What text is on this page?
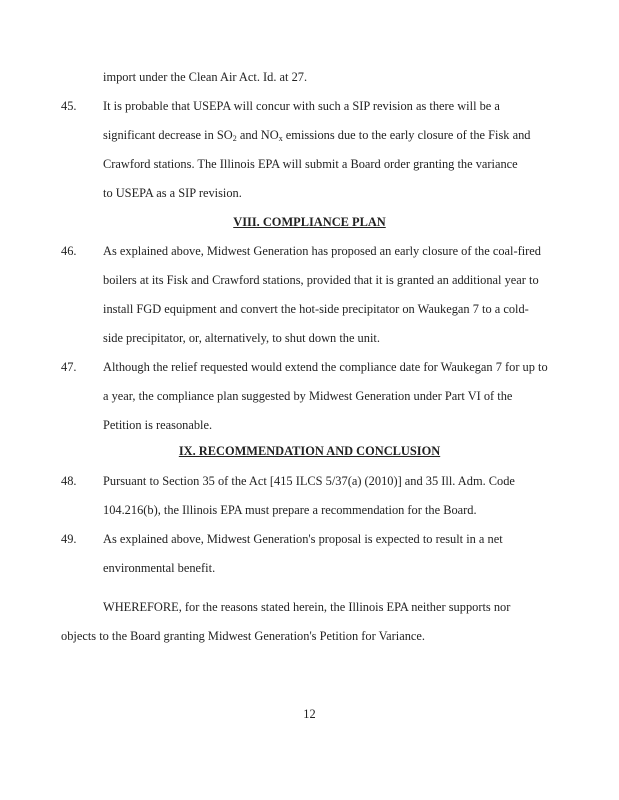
import under the Clean Air Act. Id. at 27.
45. It is probable that USEPA will concur with such a SIP revision as there will be a
significant decrease in $SO_2$ and $NO_x$ emissions due to the early closure of the Fisk and
Crawford stations. The Illinois EPA will submit a Board order granting the variance
to USEPA as a SIP revision.
VIII. COMPLIANCE PLAN
46. As explained above, Midwest Generation has proposed an early closure of the coal-fired
boilers at its Fisk and Crawford stations, provided that it is granted an additional year to
install FGD equipment and convert the hot-side precipitator on Waukegan 7 to a cold-
side precipitator, or, alternatively, to shut down the unit.
47. Although the relief requested would extend the compliance date for Waukegan 7 for up to
a year, the compliance plan suggested by Midwest Generation under Part VI of the
Petition is reasonable.
IX. RECOMMENDATION AND CONCLUSION
48. Pursuant to Section 35 of the Act [415 ILCS 5/37(a) (2010)] and 35 Ill. Adm. Code
104.216(b), the Illinois EPA must prepare a recommendation for the Board.
49. As explained above, Midwest Generation's proposal is expected to result in a net
environmental benefit.
WHEREFORE, for the reasons stated herein, the Illinois EPA neither supports nor
objects to the Board granting Midwest Generation's Petition for Variance.
12
